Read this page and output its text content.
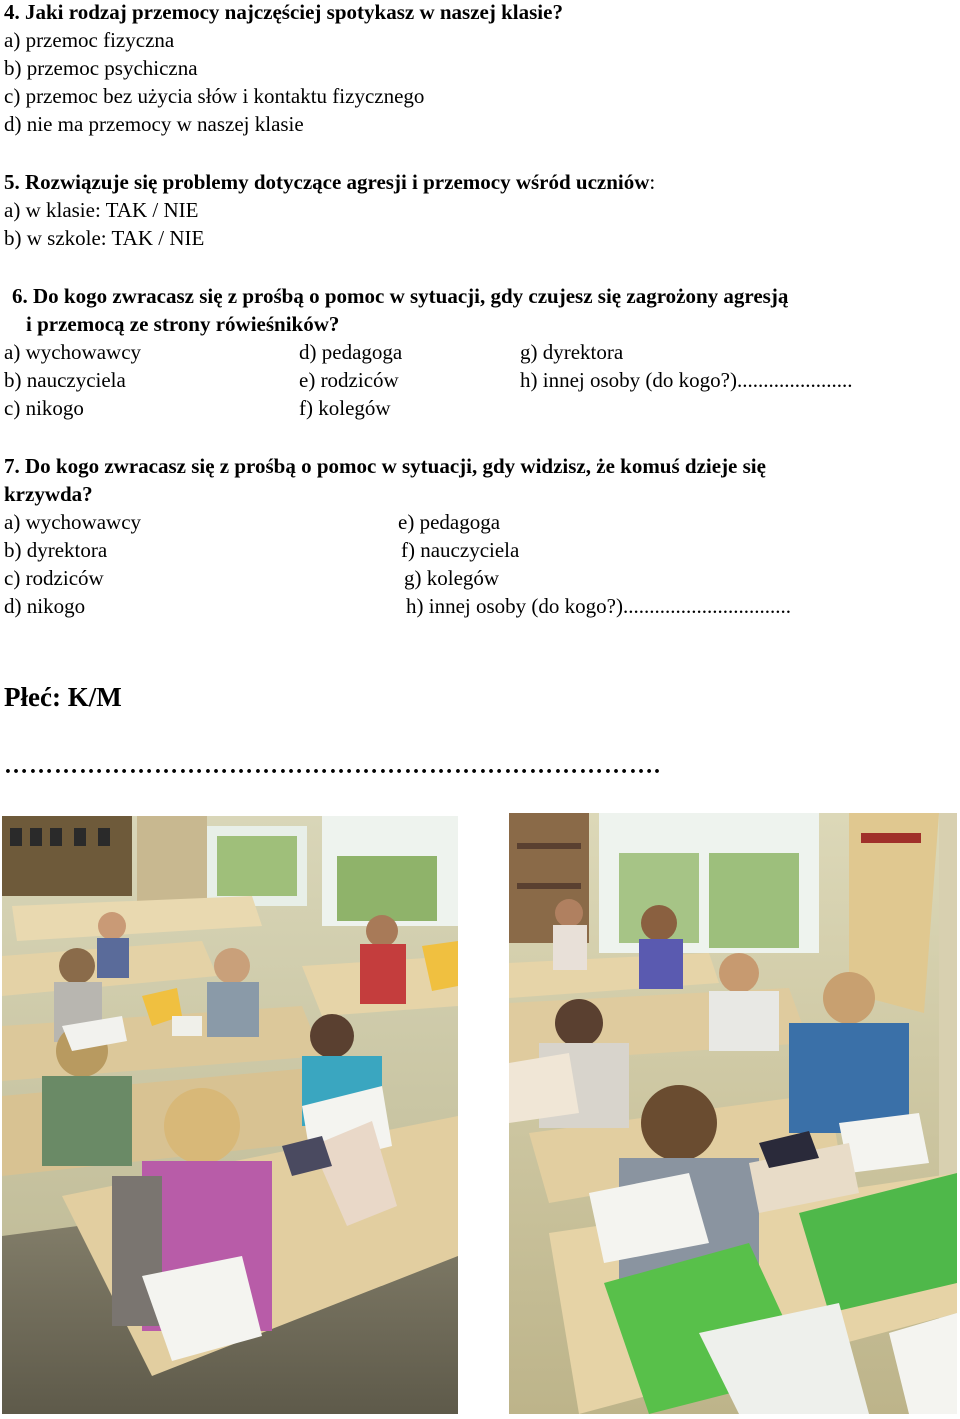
4. Jaki rodzaj przemocy najczęściej spotykasz w naszej klasie?
a) przemoc fizyczna
b) przemoc psychiczna
c) przemoc bez użycia słów i kontaktu fizycznego
d) nie ma przemocy w naszej klasie
5. Rozwiązuje się problemy dotyczące agresji i przemocy wśród uczniów:
a) w klasie: TAK / NIE
b) w szkole: TAK / NIE
6. Do kogo zwracasz się z prośbą o pomoc w sytuacji, gdy czujesz się zagrożony agresją
i przemocą ze strony rówieśników?
a) wychowawcy
b) nauczyciela
c) nikogo
d) pedagoga
e) rodziców
f) kolegów
g) dyrektora
h) innej osoby (do kogo?)......................
7. Do kogo zwracasz się z prośbą o pomoc w sytuacji, gdy widzisz, że komuś dzieje się
krzywda?
a) wychowawcy
b) dyrektora
c) rodziców
d) nikogo
e) pedagoga
f) nauczyciela
g) kolegów
h) innej osoby (do kogo?)................................
Płeć: K/M
…………………………………………………………………….
